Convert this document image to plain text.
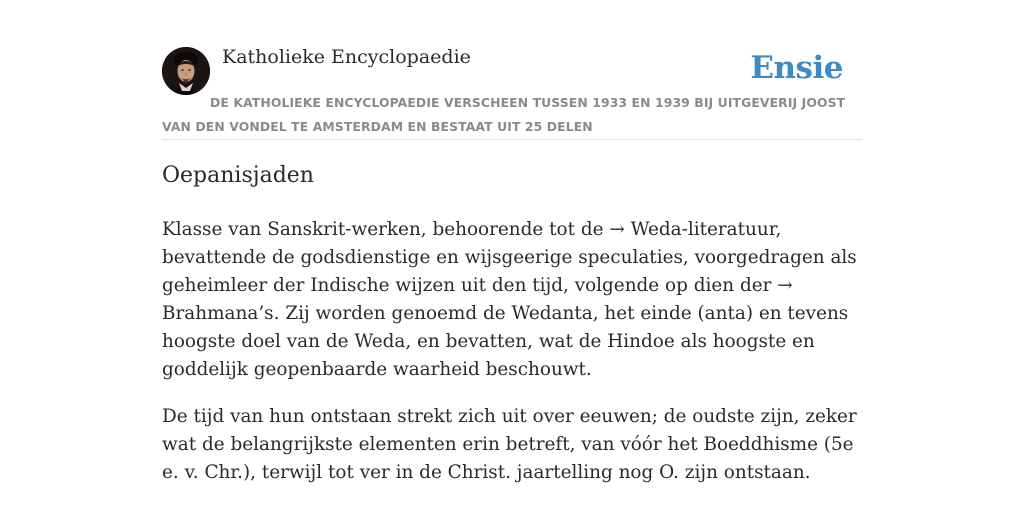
Katholieke Encyclopaedie	Ensie
DE KATHOLIEKE ENCYCLOPAEDIE VERSCHEEN TUSSEN 1933 EN 1939 BIJ UITGEVERIJ JOOST VAN DEN VONDEL TE AMSTERDAM EN BESTAAT UIT 25 DELEN
Oepanisjaden

Klasse van Sanskrit-werken, behoorende tot de → Weda-literatuur, bevattende de godsdienstige en wijsgeerige speculaties, voorgedragen als geheimleer der Indische wijzen uit den tijd, volgende op dien der → Brahmana’s. Zij worden genoemd de Wedanta, het einde (anta) en tevens hoogste doel van de Weda, en bevatten, wat de Hindoe als hoogste en goddelijk geopenbaarde waarheid beschouwt.

De tijd van hun ontstaan strekt zich uit over eeuwen; de oudste zijn, zeker wat de belangrijkste elementen erin betreft, van vóór het Boeddhisme (5e e. v. Chr.), terwijl tot ver in de Christ. jaartelling nog O. zijn ontstaan.
